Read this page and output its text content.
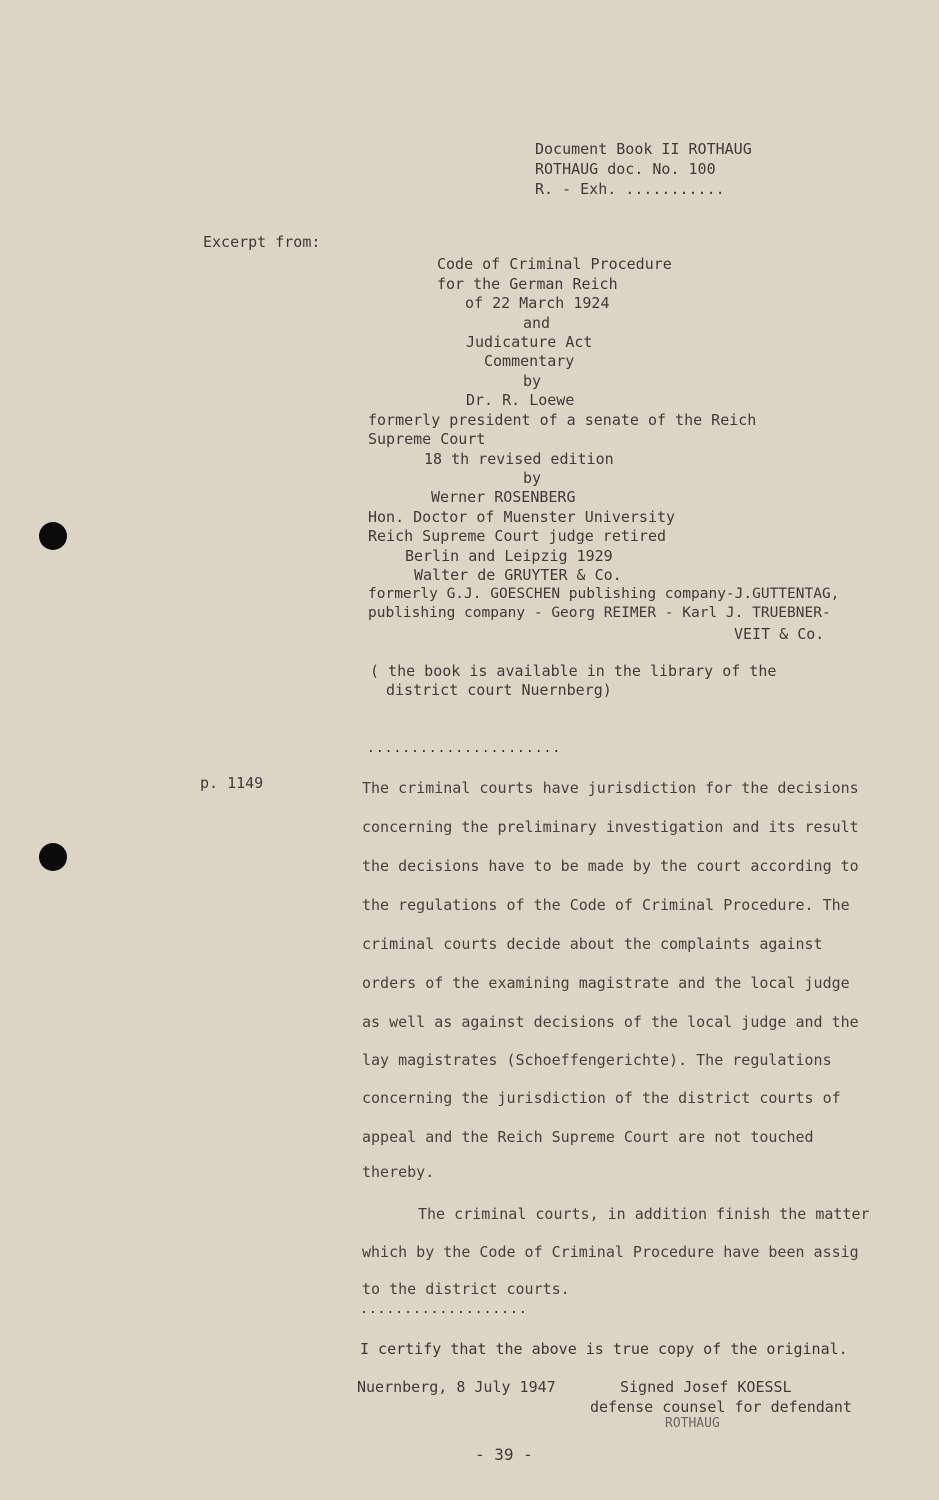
Document Book II ROTHAUG
ROTHAUG doc. No. 100
R. - Exh. ...........
Excerpt from:
Code of Criminal Procedure
for the German Reich
of 22 March 1924
and
Judicature Act
Commentary
by
Dr. R. Loewe
formerly president of a senate of the Reich
Supreme Court
18 th revised edition
by
Werner ROSENBERG
Hon. Doctor of Muenster University
Reich Supreme Court judge retired
Berlin and Leipzig 1929
Walter de GRUYTER & Co.
formerly G.J. GOESCHEN publishing company-J.GUTTENTAG,
publishing company - Georg REIMER - Karl J. TRUEBNER-
VEIT & Co.
( the book is available in the library of the
district court Nuernberg)
......................
p. 1149	The criminal courts have jurisdiction for the decisions
concerning the preliminary investigation and its result
the decisions have to be made by the court according to
the regulations of the Code of Criminal Procedure. The
criminal courts decide about the complaints against
orders of the examining magistrate and the local judge
as well as against decisions of the local judge and the
lay magistrates (Schoeffengerichte). The regulations
concerning the jurisdiction of the district courts of
appeal and the Reich Supreme Court are not touched
thereby.
The criminal courts, in addition finish the matter
which by the Code of Criminal Procedure have been assig
to the district courts.
...................
I certify that the above is true copy of the original.
Nuernberg, 8 July 1947	Signed Josef KOESSL
defense counsel for defendant
ROTHAUG
- 39 -
